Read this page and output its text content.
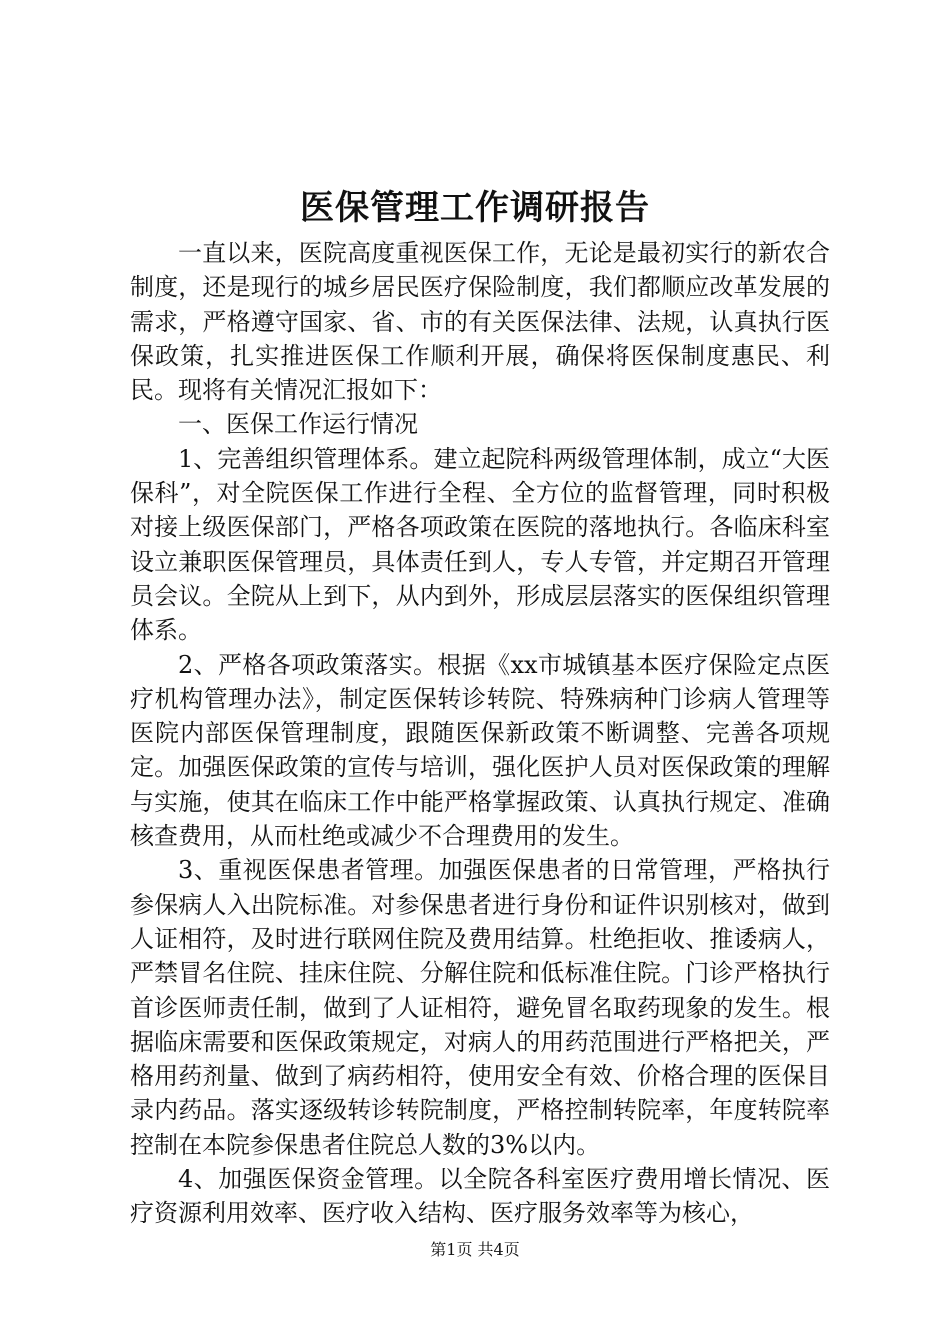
医保管理工作调研报告

一直以来，医院高度重视医保工作，无论是最初实行的新农合制度，还是现行的城乡居民医疗保险制度，我们都顺应改革发展的需求，严格遵守国家、省、市的有关医保法律、法规，认真执行医保政策，扎实推进医保工作顺利开展，确保将医保制度惠民、利民。现将有关情况汇报如下：

一、医保工作运行情况

1、完善组织管理体系。建立起院科两级管理体制，成立“大医保科”，对全院医保工作进行全程、全方位的监督管理，同时积极对接上级医保部门，严格各项政策在医院的落地执行。各临床科室设立兼职医保管理员，具体责任到人，专人专管，并定期召开管理员会议。全院从上到下，从内到外，形成层层落实的医保组织管理体系。

2、严格各项政策落实。根据《xx市城镇基本医疗保险定点医疗机构管理办法》，制定医保转诊转院、特殊病种门诊病人管理等医院内部医保管理制度，跟随医保新政策不断调整、完善各项规定。加强医保政策的宣传与培训，强化医护人员对医保政策的理解与实施，使其在临床工作中能严格掌握政策、认真执行规定、准确核查费用，从而杜绝或减少不合理费用的发生。

3、重视医保患者管理。加强医保患者的日常管理，严格执行参保病人入出院标准。对参保患者进行身份和证件识别核对，做到人证相符，及时进行联网住院及费用结算。杜绝拒收、推诿病人，严禁冒名住院、挂床住院、分解住院和低标准住院。门诊严格执行首诊医师责任制，做到了人证相符，避免冒名取药现象的发生。根据临床需要和医保政策规定，对病人的用药范围进行严格把关，严格用药剂量、做到了病药相符，使用安全有效、价格合理的医保目录内药品。落实逐级转诊转院制度，严格控制转院率，年度转院率控制在本院参保患者住院总人数的3%以内。

4、加强医保资金管理。以全院各科室医疗费用增长情况、医疗资源利用效率、医疗收入结构、医疗服务效率等为核心，

第1页 共4页
